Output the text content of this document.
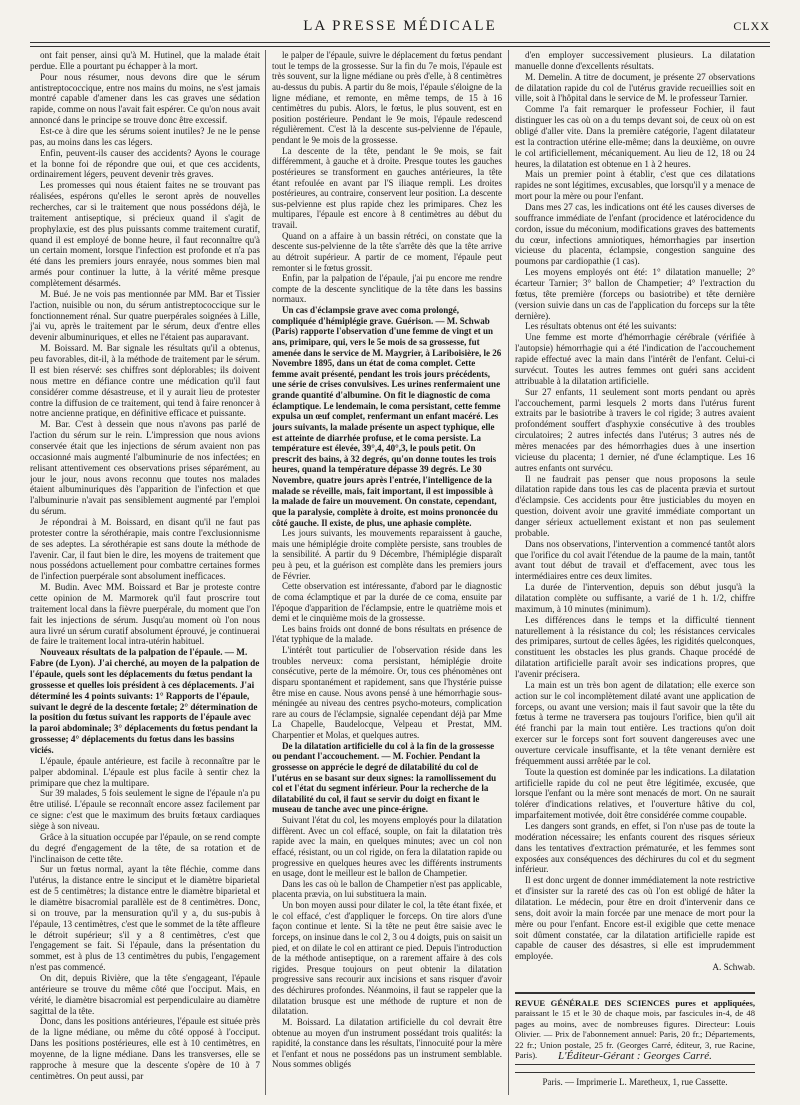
LA PRESSE MÉDICALE	CLXX

ont fait penser, ainsi qu'à M. Hutinel, que la malade était perdue. Elle a pourtant pu échapper à la mort.

Pour nous résumer, nous devons dire que le sérum antistreptococcique, entre nos mains du moins, ne s'est jamais montré capable d'amener dans les cas graves une sédation rapide, comme on nous l'avait fait espérer. Ce qu'on nous avait annoncé dans le principe se trouve donc être excessif.

Est-ce à dire que les sérums soient inutiles? Je ne le pense pas, au moins dans les cas légers.

Enfin, peuvent-ils causer des accidents? Ayons le courage et la bonne foi de répondre que oui, et que ces accidents, ordinairement légers, peuvent devenir très graves.

Les promesses qui nous étaient faites ne se trouvant pas réalisées, espérons qu'elles le seront après de nouvelles recherches, car si le traitement que nous possédons déjà, le traitement antiseptique, si précieux quand il s'agit de prophylaxie, est des plus puissants comme traitement curatif, quand il est employé de bonne heure, il faut reconnaître qu'à un certain moment, lorsque l'infection est profonde et n'a pas été dans les premiers jours enrayée, nous sommes bien mal armés pour continuer la lutte, à la vérité même presque complètement désarmés.

M. Bué. Je ne vois pas mentionnée par MM. Bar et Tissier l'action, nuisible ou non, du sérum antistreptococcique sur le fonctionnement rénal. Sur quatre puerpérales soignées à Lille, j'ai vu, après le traitement par le sérum, deux d'entre elles devenir albuminuriques, et elles ne l'étaient pas auparavant.

M. Boissard. M. Bar signale les résultats qu'il a obtenus, peu favorables, dit-il, à la méthode de traitement par le sérum. Il est bien réservé: ses chiffres sont déplorables; ils doivent nous mettre en défiance contre une médication qu'il faut considérer comme désastreuse, et il y aurait lieu de protester contre la diffusion de ce traitement, qui tend à faire renoncer à notre ancienne pratique, en définitive efficace et puissante.

M. Bar. C'est à dessein que nous n'avons pas parlé de l'action du sérum sur le rein. L'impression que nous avions conservée était que les injections de sérum avaient non pas occasionné mais augmenté l'albuminurie de nos infectées; en relisant attentivement ces observations prises séparément, au jour le jour, nous avons reconnu que toutes nos malades étaient albuminuriques dès l'apparition de l'infection et que l'albuminurie n'avait pas sensiblement augmenté par l'emploi du sérum.

Je répondrai à M. Boissard, en disant qu'il ne faut pas protester contre la sérothérapie, mais contre l'exclusionnisme de ses adeptes. La sérothérapie est sans doute la méthode de l'avenir. Car, il faut bien le dire, les moyens de traitement que nous possédons actuellement pour combattre certaines formes de l'infection puerpérale sont absolument inefficaces.

M. Budin. Avec MM. Boissard et Bar je proteste contre cette opinion de M. Marmorek qu'il faut proscrire tout traitement local dans la fièvre puerpérale, du moment que l'on fait les injections de sérum. Jusqu'au moment où l'on nous aura livré un sérum curatif absolument éprouvé, je continuerai de faire le traitement local intra-utérin habituel.

Nouveaux résultats de la palpation de l'épaule. — M. Fabre (de Lyon). J'ai cherché, au moyen de la palpation de l'épaule, quels sont les déplacements du fœtus pendant la grossesse et quelles lois président à ces déplacements. J'ai déterminé les 4 points suivants: 1° Rapports de l'épaule, suivant le degré de la descente fœtale; 2° détermination de la position du fœtus suivant les rapports de l'épaule avec la paroi abdominale; 3° déplacements du fœtus pendant la grossesse; 4° déplacements du fœtus dans les bassins viciés.

L'épaule, épaule antérieure, est facile à reconnaître par le palper abdominal. L'épaule est plus facile à sentir chez la primipare que chez la multipare.

Sur 39 malades, 5 fois seulement le signe de l'épaule n'a pu être utilisé. L'épaule se reconnaît encore assez facilement par ce signe: c'est que le maximum des bruits fœtaux cardiaques siège à son niveau.

Grâce à la situation occupée par l'épaule, on se rend compte du degré d'engagement de la tête, de sa rotation et de l'inclinaison de cette tête.

Sur un fœtus normal, ayant la tête fléchie, comme dans l'utérus, la distance entre le sinciput et le diamètre biparietal est de 5 centimètres; la distance entre le diamètre biparietal et le diamètre bisacromial parallèle est de 8 centimètres. Donc, si on trouve, par la mensuration qu'il y a, du sus-pubis à l'épaule, 13 centimètres, c'est que le sommet de la tête affleure le détroit supérieur; s'il y a 8 centimètres, c'est que l'engagement se fait. Si l'épaule, dans la présentation du sommet, est à plus de 13 centimètres du pubis, l'engagement n'est pas commencé.

On dit, depuis Rivière, que la tête s'engageant, l'épaule antérieure se trouve du même côté que l'occiput. Mais, en vérité, le diamètre bisacromial est perpendiculaire au diamètre sagittal de la tête.

Donc, dans les positions antérieures, l'épaule est située près de la ligne médiane, ou même du côté opposé à l'occiput. Dans les positions postérieures, elle est à 10 centimètres, en moyenne, de la ligne médiane. Dans les transverses, elle se rapproche à mesure que la descente s'opère de 10 à 7 centimètres. On peut aussi, par

le palper de l'épaule, suivre le déplacement du fœtus pendant tout le temps de la grossesse. Sur la fin du 7e mois, l'épaule est très souvent, sur la ligne médiane ou près d'elle, à 8 centimètres au-dessus du pubis. A partir du 8e mois, l'épaule s'éloigne de la ligne médiane, et remonte, en même temps, de 15 à 16 centimètres du pubis. Alors, le fœtus, le plus souvent, est en position postérieure. Pendant le 9e mois, l'épaule redescend régulièrement. C'est là la descente sus-pelvienne de l'épaule, pendant le 9e mois de la grossesse.

La descente de la tête, pendant le 9e mois, se fait différemment, à gauche et à droite. Presque toutes les gauches postérieures se transforment en gauches antérieures, la tête étant refoulée en avant par l'S iliaque rempli. Les droites postérieures, au contraire, conservent leur position. La descente sus-pelvienne est plus rapide chez les primipares. Chez les multipares, l'épaule est encore à 8 centimètres au début du travail.

Quand on a affaire à un bassin rétréci, on constate que la descente sus-pelvienne de la tête s'arrête dès que la tête arrive au détroit supérieur. A partir de ce moment, l'épaule peut remonter si le fœtus grossit.

Enfin, par la palpation de l'épaule, j'ai pu encore me rendre compte de la descente synclitique de la tête dans les bassins normaux.

Un cas d'éclampsie grave avec coma prolongé, compliquée d'hémiplégie grave. Guérison. — M. Schwab (Paris) rapporte l'observation d'une femme de vingt et un ans, primipare, qui, vers le 5e mois de sa grossesse, fut amenée dans le service de M. Maygrier, à Lariboisière, le 26 Novembre 1895, dans un état de coma complet. Cette femme avait présenté, pendant les trois jours précédents, une série de crises convulsives. Les urines renfermaient une grande quantité d'albumine. On fit le diagnostic de coma éclamptique. Le lendemain, le coma persistant, cette femme expulsa un œuf complet, renfermant un enfant macéré. Les jours suivants, la malade présente un aspect typhique, elle est atteinte de diarrhée profuse, et le coma persiste. La température est élevée, 39°,4, 40°,3, le pouls petit. On prescrit des bains, à 32 degrés, qu'on donne toutes les trois heures, quand la température dépasse 39 degrés. Le 30 Novembre, quatre jours après l'entrée, l'intelligence de la malade se réveille, mais, fait important, il est impossible à la malade de faire un mouvement. On constate, cependant, que la paralysie, complète à droite, est moins prononcée du côté gauche. Il existe, de plus, une aphasie complète.

Les jours suivants, les mouvements reparaissent à gauche, mais une hémiplégie droite complète persiste, sans troubles de la sensibilité. A partir du 9 Décembre, l'hémiplégie disparaît peu à peu, et la guérison est complète dans les premiers jours de Février.

Cette observation est intéressante, d'abord par le diagnostic de coma éclamptique et par la durée de ce coma, ensuite par l'époque d'apparition de l'éclampsie, entre le quatrième mois et demi et le cinquième mois de la grossesse.

Les bains froids ont donné de bons résultats en présence de l'état typhique de la malade.

L'intérêt tout particulier de l'observation réside dans les troubles nerveux: coma persistant, hémiplégie droite consécutive, perte de la mémoire. Or, tous ces phénomènes ont disparu spontanément et rapidement, sans que l'hystérie puisse être mise en cause. Nous avons pensé à une hémorrhagie sous-méningée au niveau des centres psycho-moteurs, complication rare au cours de l'éclampsie, signalée cependant déjà par Mme La Chapelle, Baudelocque, Velpeau et Prestat, MM. Charpentier et Molas, et quelques autres.

De la dilatation artificielle du col à la fin de la grossesse ou pendant l'accouchement. — M. Fochier. Pendant la grossesse on apprécie le degré de dilatabilité du col de l'utérus en se basant sur deux signes: la ramollissement du col et l'état du segment inférieur. Pour la recherche de la dilatabilité du col, il faut se servir du doigt en fixant le museau de tanche avec une pince-érigne.

Suivant l'état du col, les moyens employés pour la dilatation diffèrent. Avec un col effacé, souple, on fait la dilatation très rapide avec la main, en quelques minutes; avec un col non effacé, résistant, ou un col rigide, on fera la dilatation rapide ou progressive en quelques heures avec les différents instruments en usage, dont le meilleur est le ballon de Champetier.

Dans les cas où le ballon de Champetier n'est pas applicable, placenta prævia, on lui substituera la main.

Un bon moyen aussi pour dilater le col, la tête étant fixée, et le col effacé, c'est d'appliquer le forceps. On tire alors d'une façon continue et lente. Si la tête ne peut être saisie avec le forceps, on insinue dans le col 2, 3 ou 4 doigts, puis on saisit un pied, et on dilate le col en attirant ce pied. Depuis l'introduction de la méthode antiseptique, on a rarement affaire à des cols rigides. Presque toujours on peut obtenir la dilatation progressive sans recourir aux incisions et sans risquer d'avoir des déchirures profondes. Néanmoins, il faut se rappeler que la dilatation brusque est une méthode de rupture et non de dilatation.

M. Boissard. La dilatation artificielle du col devrait être obtenue au moyen d'un instrument possédant trois qualités: la rapidité, la constance dans les résultats, l'innocuité pour la mère et l'enfant et nous ne possédons pas un instrument semblable. Nous sommes obligés

d'en employer successivement plusieurs. La dilatation manuelle donne d'excellents résultats.

M. Demelin. A titre de document, je présente 27 observations de dilatation rapide du col de l'utérus gravide recueillies soit en ville, soit à l'hôpital dans le service de M. le professeur Tarnier.

Comme l'a fait remarquer le professeur Fochier, il faut distinguer les cas où on a du temps devant soi, de ceux où on est obligé d'aller vite. Dans la première catégorie, l'agent dilatateur est la contraction utérine elle-même; dans la deuxième, on ouvre le col artificiellement, mécaniquement. Au lieu de 12, 18 ou 24 heures, la dilatation est obtenue en 1 à 2 heures.

Mais un premier point à établir, c'est que ces dilatations rapides ne sont légitimes, excusables, que lorsqu'il y a menace de mort pour la mère ou pour l'enfant.

Dans mes 27 cas, les indications ont été les causes diverses de souffrance immédiate de l'enfant (procidence et latérocidence du cordon, issue du méconium, modifications graves des battements du cœur, infections amniotiques, hémorrhagies par insertion vicieuse du placenta, éclampsie, congestion sanguine des poumons par cardiopathie (1 cas).

Les moyens employés ont été: 1° dilatation manuelle; 2° écarteur Tarnier; 3° ballon de Champetier; 4° l'extraction du fœtus, tête première (forceps ou basiotribe) et tête dernière (version suivie dans un cas de l'application du forceps sur la tête dernière).

Les résultats obtenus ont été les suivants:

Une femme est morte d'hémorrhagie cérébrale (vérifiée à l'autopsie) hémorrhagie qui a été l'indication de l'accouchement rapide effectué avec la main dans l'intérêt de l'enfant. Celui-ci survécut. Toutes les autres femmes ont guéri sans accident attribuable à la dilatation artificielle.

Sur 27 enfants, 11 seulement sont morts pendant ou après l'accouchement, parmi lesquels 2 morts dans l'utérus furent extraits par le basiotribe à travers le col rigide; 3 autres avaient profondément souffert d'asphyxie consécutive à des troubles circulatoires; 2 autres infectés dans l'utérus; 3 autres nés de mères menacées par des hémorrhagies dues à une insertion vicieuse du placenta; 1 dernier, né d'une éclamptique. Les 16 autres enfants ont survécu.

Il ne faudrait pas penser que nous proposons la seule dilatation rapide dans tous les cas de placenta prævia et surtout d'éclampsie. Ces accidents pour être justiciables du moyen en question, doivent avoir une gravité immédiate comportant un danger sérieux actuellement existant et non pas seulement probable.

Dans nos observations, l'intervention a commencé tantôt alors que l'orifice du col avait l'étendue de la paume de la main, tantôt avant tout début de travail et d'effacement, avec tous les intermédiaires entre ces deux limites.

La durée de l'intervention, depuis son début jusqu'à la dilatation complète ou suffisante, a varié de 1 h. 1/2, chiffre maximum, à 10 minutes (minimum).

Les différences dans le temps et la difficulté tiennent naturellement à la résistance du col; les résistances cervicales des primipares, surtout de celles âgées, les rigidités quelconques, constituent les obstacles les plus grands. Chaque procédé de dilatation artificielle paraît avoir ses indications propres, que l'avenir précisera.

La main est un très bon agent de dilatation; elle exerce son action sur le col incomplètement dilaté avant une application de forceps, ou avant une version; mais il faut savoir que la tête du fœtus à terme ne traversera pas toujours l'orifice, bien qu'il ait été franchi par la main tout entière. Les tractions qu'on doit exercer sur le forceps sont fort souvent dangereuses avec une ouverture cervicale insuffisante, et la tête venant dernière est fréquemment aussi arrêtée par le col.

Toute la question est dominée par les indications. La dilatation artificielle rapide du col ne peut être légitimée, excusée, que lorsque l'enfant ou la mère sont menacés de mort. On ne saurait tolérer d'indications relatives, et l'ouverture hâtive du col, imparfaitement motivée, doit être considérée comme coupable.

Les dangers sont grands, en effet, si l'on n'use pas de toute la modération nécessaire; les enfants courent des risques sérieux dans les tentatives d'extraction prématurée, et les femmes sont exposées aux conséquences des déchirures du col et du segment inférieur.

Il est donc urgent de donner immédiatement la note restrictive et d'insister sur la rareté des cas où l'on est obligé de hâter la dilatation. Le médecin, pour être en droit d'intervenir dans ce sens, doit avoir la main forcée par une menace de mort pour la mère ou pour l'enfant. Encore est-il exigible que cette menace soit dûment constatée, car la dilatation artificielle rapide est capable de causer des désastres, si elle est imprudemment employée.

A. Schwab.

REVUE GÉNÉRALE DES SCIENCES pures et appliquées, paraissant le 15 et le 30 de chaque mois, par fascicules in-4, de 48 pages au moins, avec de nombreuses figures. Directeur: Louis Olivier. — Prix de l'abonnement annuel: Paris, 20 fr.; Départements, 22 fr.; Union postale, 25 fr. (Georges Carré, éditeur, 3, rue Racine, Paris).	L'Éditeur-Gérant : Georges Carré.
Paris. — Imprimerie L. Maretheux, 1, rue Cassette.
